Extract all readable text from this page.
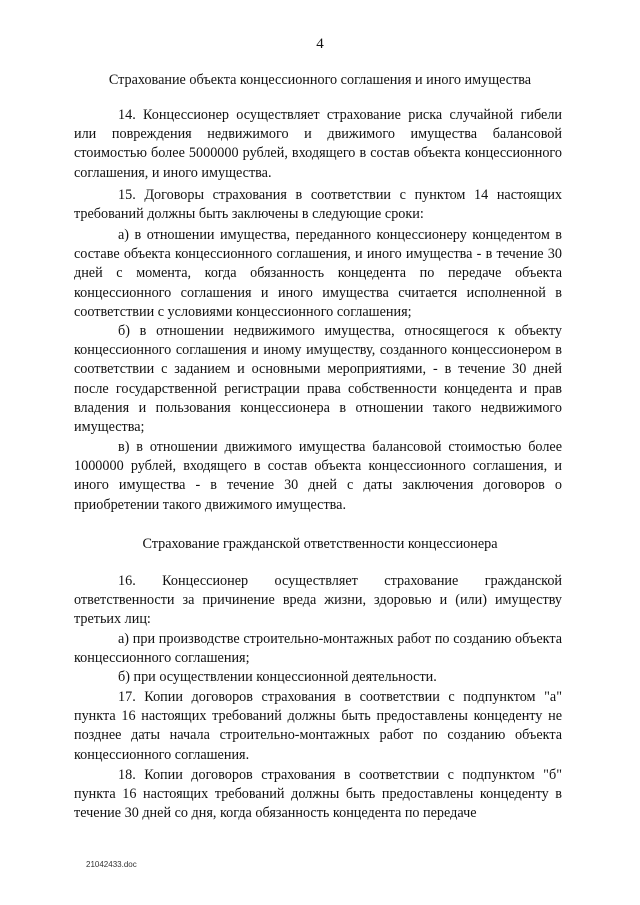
4
Страхование объекта концессионного соглашения и иного имущества

14. Концессионер осуществляет страхование риска случайной гибели или повреждения недвижимого и движимого имущества балансовой стоимостью более 5000000 рублей, входящего в состав объекта концессионного соглашения, и иного имущества.

15. Договоры страхования в соответствии с пунктом 14 настоящих требований должны быть заключены в следующие сроки:

а) в отношении имущества, переданного концессионеру концедентом в составе объекта концессионного соглашения, и иного имущества - в течение 30 дней с момента, когда обязанность концедента по передаче объекта концессионного соглашения и иного имущества считается исполненной в соответствии с условиями концессионного соглашения;

б) в отношении недвижимого имущества, относящегося к объекту концессионного соглашения и иному имуществу, созданного концессионером в соответствии с заданием и основными мероприятиями, - в течение 30 дней после государственной регистрации права собственности концедента и прав владения и пользования концессионера в отношении такого недвижимого имущества;

в) в отношении движимого имущества балансовой стоимостью более 1000000 рублей, входящего в состав объекта концессионного соглашения, и иного имущества - в течение 30 дней с даты заключения договоров о приобретении такого движимого имущества.

Страхование гражданской ответственности концессионера

16. Концессионер осуществляет страхование гражданской ответственности за причинение вреда жизни, здоровью и (или) имуществу третьих лиц:

а) при производстве строительно-монтажных работ по созданию объекта концессионного соглашения;

б) при осуществлении концессионной деятельности.

17. Копии договоров страхования в соответствии с подпунктом "а" пункта 16 настоящих требований должны быть предоставлены концеденту не позднее даты начала строительно-монтажных работ по созданию объекта концессионного соглашения.

18. Копии договоров страхования в соответствии с подпунктом "б" пункта 16 настоящих требований должны быть предоставлены концеденту в течение 30 дней со дня, когда обязанность концедента по передаче

21042433.doc
